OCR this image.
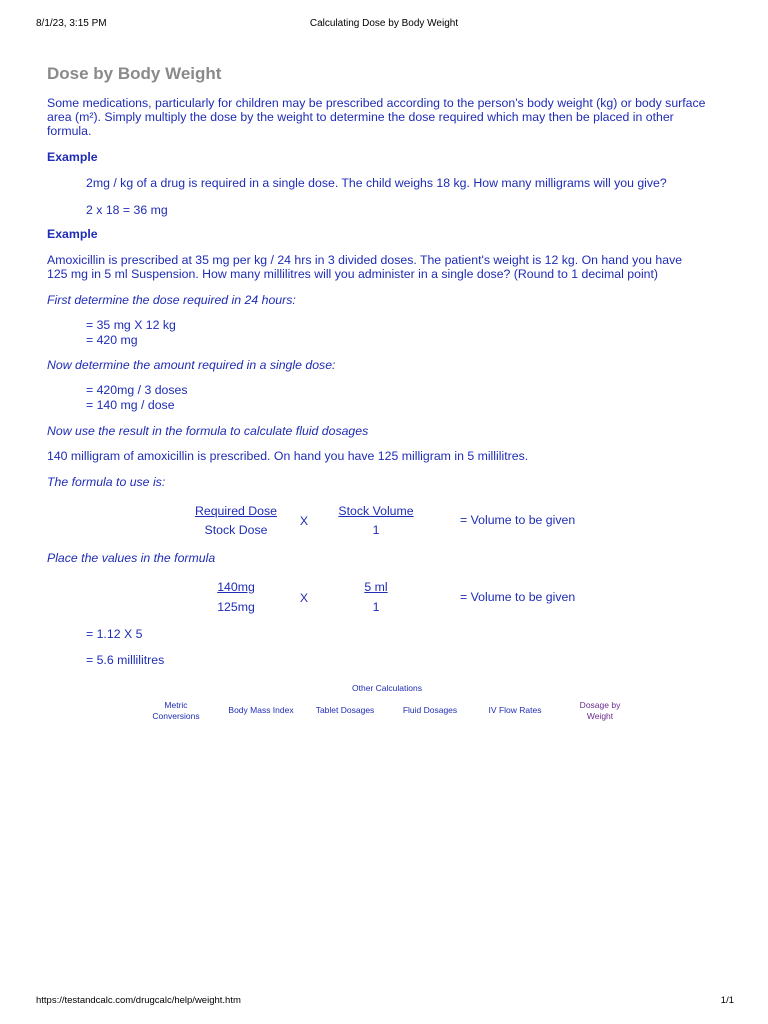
8/1/23, 3:15 PM	Calculating Dose by Body Weight
Dose by Body Weight
Some medications, particularly for children may be prescribed according to the person's body weight (kg) or body surface
area (m²). Simply multiply the dose by the weight to determine the dose required which may then be placed in other
formula.
Example
2mg / kg of a drug is required in a single dose. The child weighs 18 kg. How many milligrams will you give?
2 x 18 = 36 mg
Example
Amoxicillin is prescribed at 35 mg per kg / 24 hrs in 3 divided doses. The patient's weight is 12 kg. On hand you have
125 mg in 5 ml Suspension. How many millilitres will you administer in a single dose? (Round to 1 decimal point)
First determine the dose required in 24 hours:
= 35 mg X 12 kg
= 420 mg
Now determine the amount required in a single dose:
= 420mg / 3 doses
= 140 mg / dose
Now use the result in the formula to calculate fluid dosages
140 milligram of amoxicillin is prescribed. On hand you have 125 milligram in 5 millilitres.
The formula to use is:
Required Dose
Stock Dose
X
Stock Volume
1
= Volume to be given
Place the values in the formula
140mg
125mg
X
5 ml
1
= Volume to be given
= 1.12 X 5
= 5.6 millilitres
Other Calculations
Metric
Conversions
Body Mass Index	Tablet Dosages	Fluid Dosages	IV Flow Rates	Dosage by
Weight
https://testandcalc.com/drugcalc/help/weight.htm	1/1
